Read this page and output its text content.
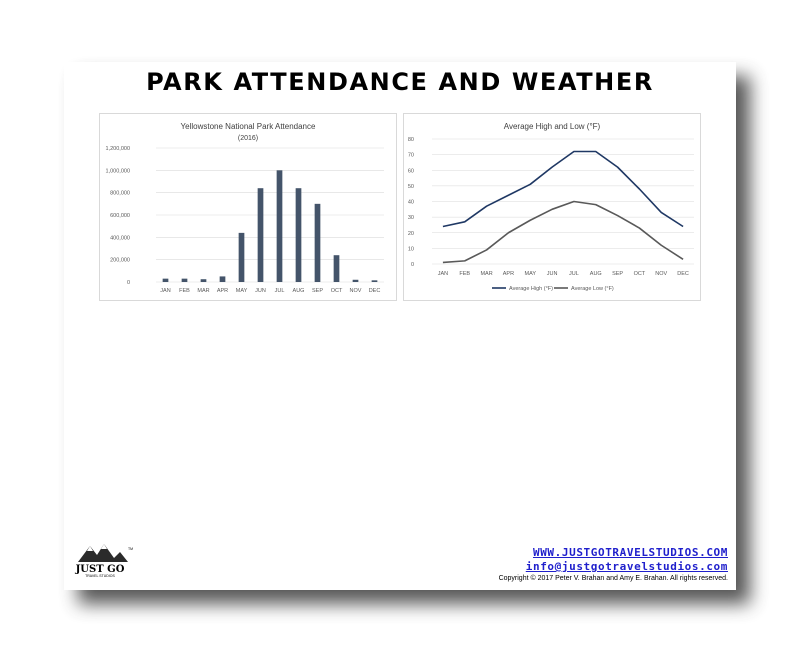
PARK ATTENDANCE AND WEATHER
Yellowstone National Park Attendance
(2016)
0
200,000
400,000
600,000
800,000
1,000,000
1,200,000
JAN FEB MAR APR MAY JUN JUL AUG SEP OCT NOV DEC
Average High and Low (°F)
0
10
20
30
40
50
60
70
80
JAN FEB MAR APR MAY JUN JUL AUG SEP OCT NOV DEC
Average High (°F)	Average Low (°F)
JUST GO
TRAVEL STUDIOS
TM	WWW.JUSTGOTRAVELSTUDIOS.COM
info@justgotravelstudios.com
Copyright © 2017 Peter V. Brahan and Amy E. Brahan. All rights reserved.
